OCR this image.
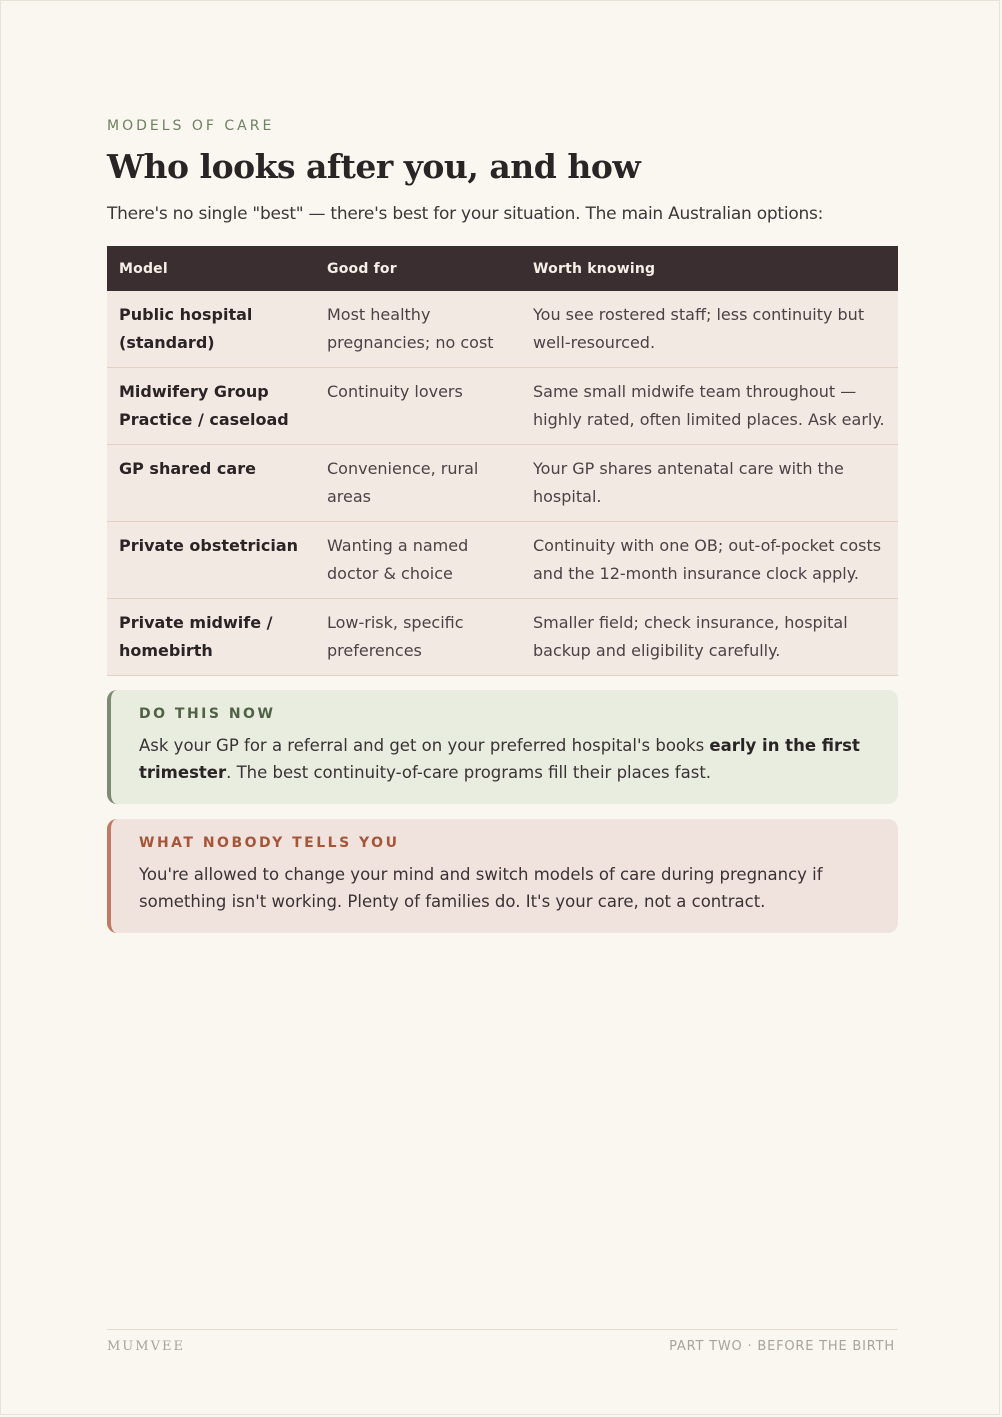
MODELS OF CARE
Who looks after you, and how
There's no single "best" — there's best for your situation. The main Australian options:
Model	Good for	Worth knowing
Public hospital (standard)	Most healthy pregnancies; no cost	You see rostered staff; less continuity but well-resourced.
Midwifery Group Practice / caseload	Continuity lovers	Same small midwife team throughout — highly rated, often limited places. Ask early.
GP shared care	Convenience, rural areas	Your GP shares antenatal care with the hospital.
Private obstetrician	Wanting a named doctor & choice	Continuity with one OB; out-of-pocket costs and the 12-month insurance clock apply.
Private midwife / homebirth	Low-risk, specific preferences	Smaller field; check insurance, hospital backup and eligibility carefully.
DO THIS NOW
Ask your GP for a referral and get on your preferred hospital's books early in the first trimester. The best continuity-of-care programs fill their places fast.
WHAT NOBODY TELLS YOU
You're allowed to change your mind and switch models of care during pregnancy if something isn't working. Plenty of families do. It's your care, not a contract.
MUMVEE	PART TWO · BEFORE THE BIRTH
